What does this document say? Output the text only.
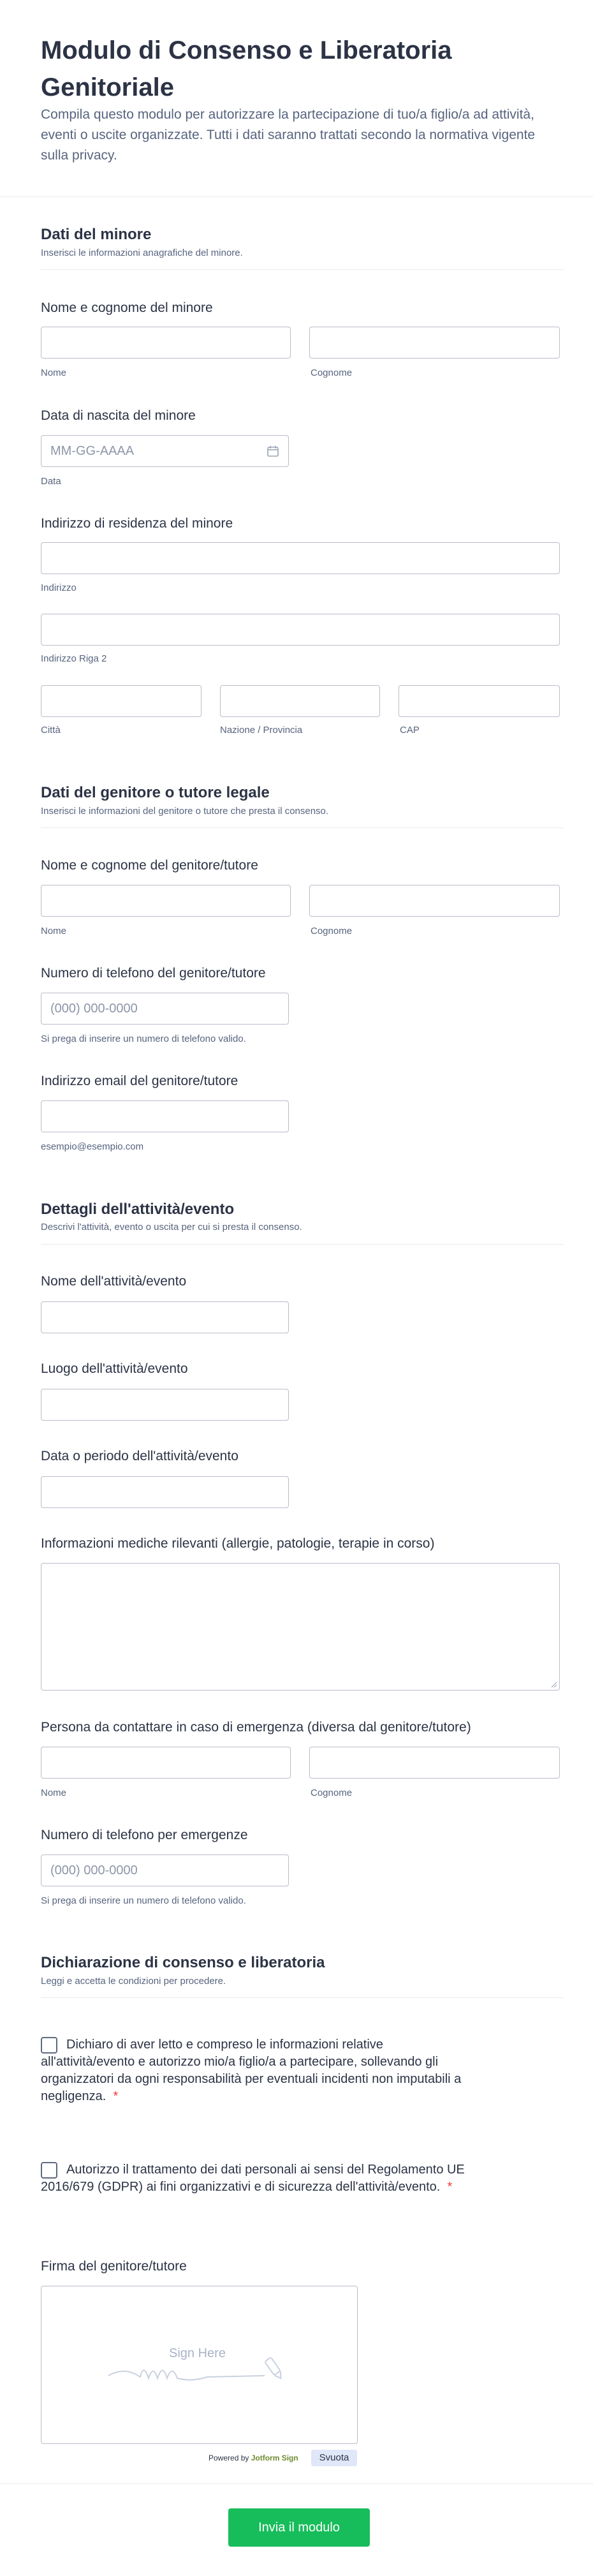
Modulo di Consenso e Liberatoria Genitoriale
Compila questo modulo per autorizzare la partecipazione di tuo/a figlio/a ad attività, eventi o uscite organizzate. Tutti i dati saranno trattati secondo la normativa vigente sulla privacy.
Dati del minore
Inserisci le informazioni anagrafiche del minore.
Nome e cognome del minore
Nome	Cognome
Data di nascita del minore
MM-GG-AAAA
Data
Indirizzo di residenza del minore
Indirizzo
Indirizzo Riga 2
Città	Nazione / Provincia	CAP
Dati del genitore o tutore legale
Inserisci le informazioni del genitore o tutore che presta il consenso.
Nome e cognome del genitore/tutore
Nome	Cognome
Numero di telefono del genitore/tutore
(000) 000-0000
Si prega di inserire un numero di telefono valido.
Indirizzo email del genitore/tutore
esempio@esempio.com
Dettagli dell'attività/evento
Descrivi l'attività, evento o uscita per cui si presta il consenso.
Nome dell'attività/evento
Luogo dell'attività/evento
Data o periodo dell'attività/evento
Informazioni mediche rilevanti (allergie, patologie, terapie in corso)
Persona da contattare in caso di emergenza (diversa dal genitore/tutore)
Nome	Cognome
Numero di telefono per emergenze
(000) 000-0000
Si prega di inserire un numero di telefono valido.
Dichiarazione di consenso e liberatoria
Leggi e accetta le condizioni per procedere.
Dichiaro di aver letto e compreso le informazioni relative
all'attività/evento e autorizzo mio/a figlio/a a partecipare, sollevando gli
organizzatori da ogni responsabilità per eventuali incidenti non imputabili a
negligenza. *
Autorizzo il trattamento dei dati personali ai sensi del Regolamento UE
2016/679 (GDPR) ai fini organizzativi e di sicurezza dell'attività/evento. *
Firma del genitore/tutore
Sign Here
Powered by Jotform Sign	Svuota
Invia il modulo
